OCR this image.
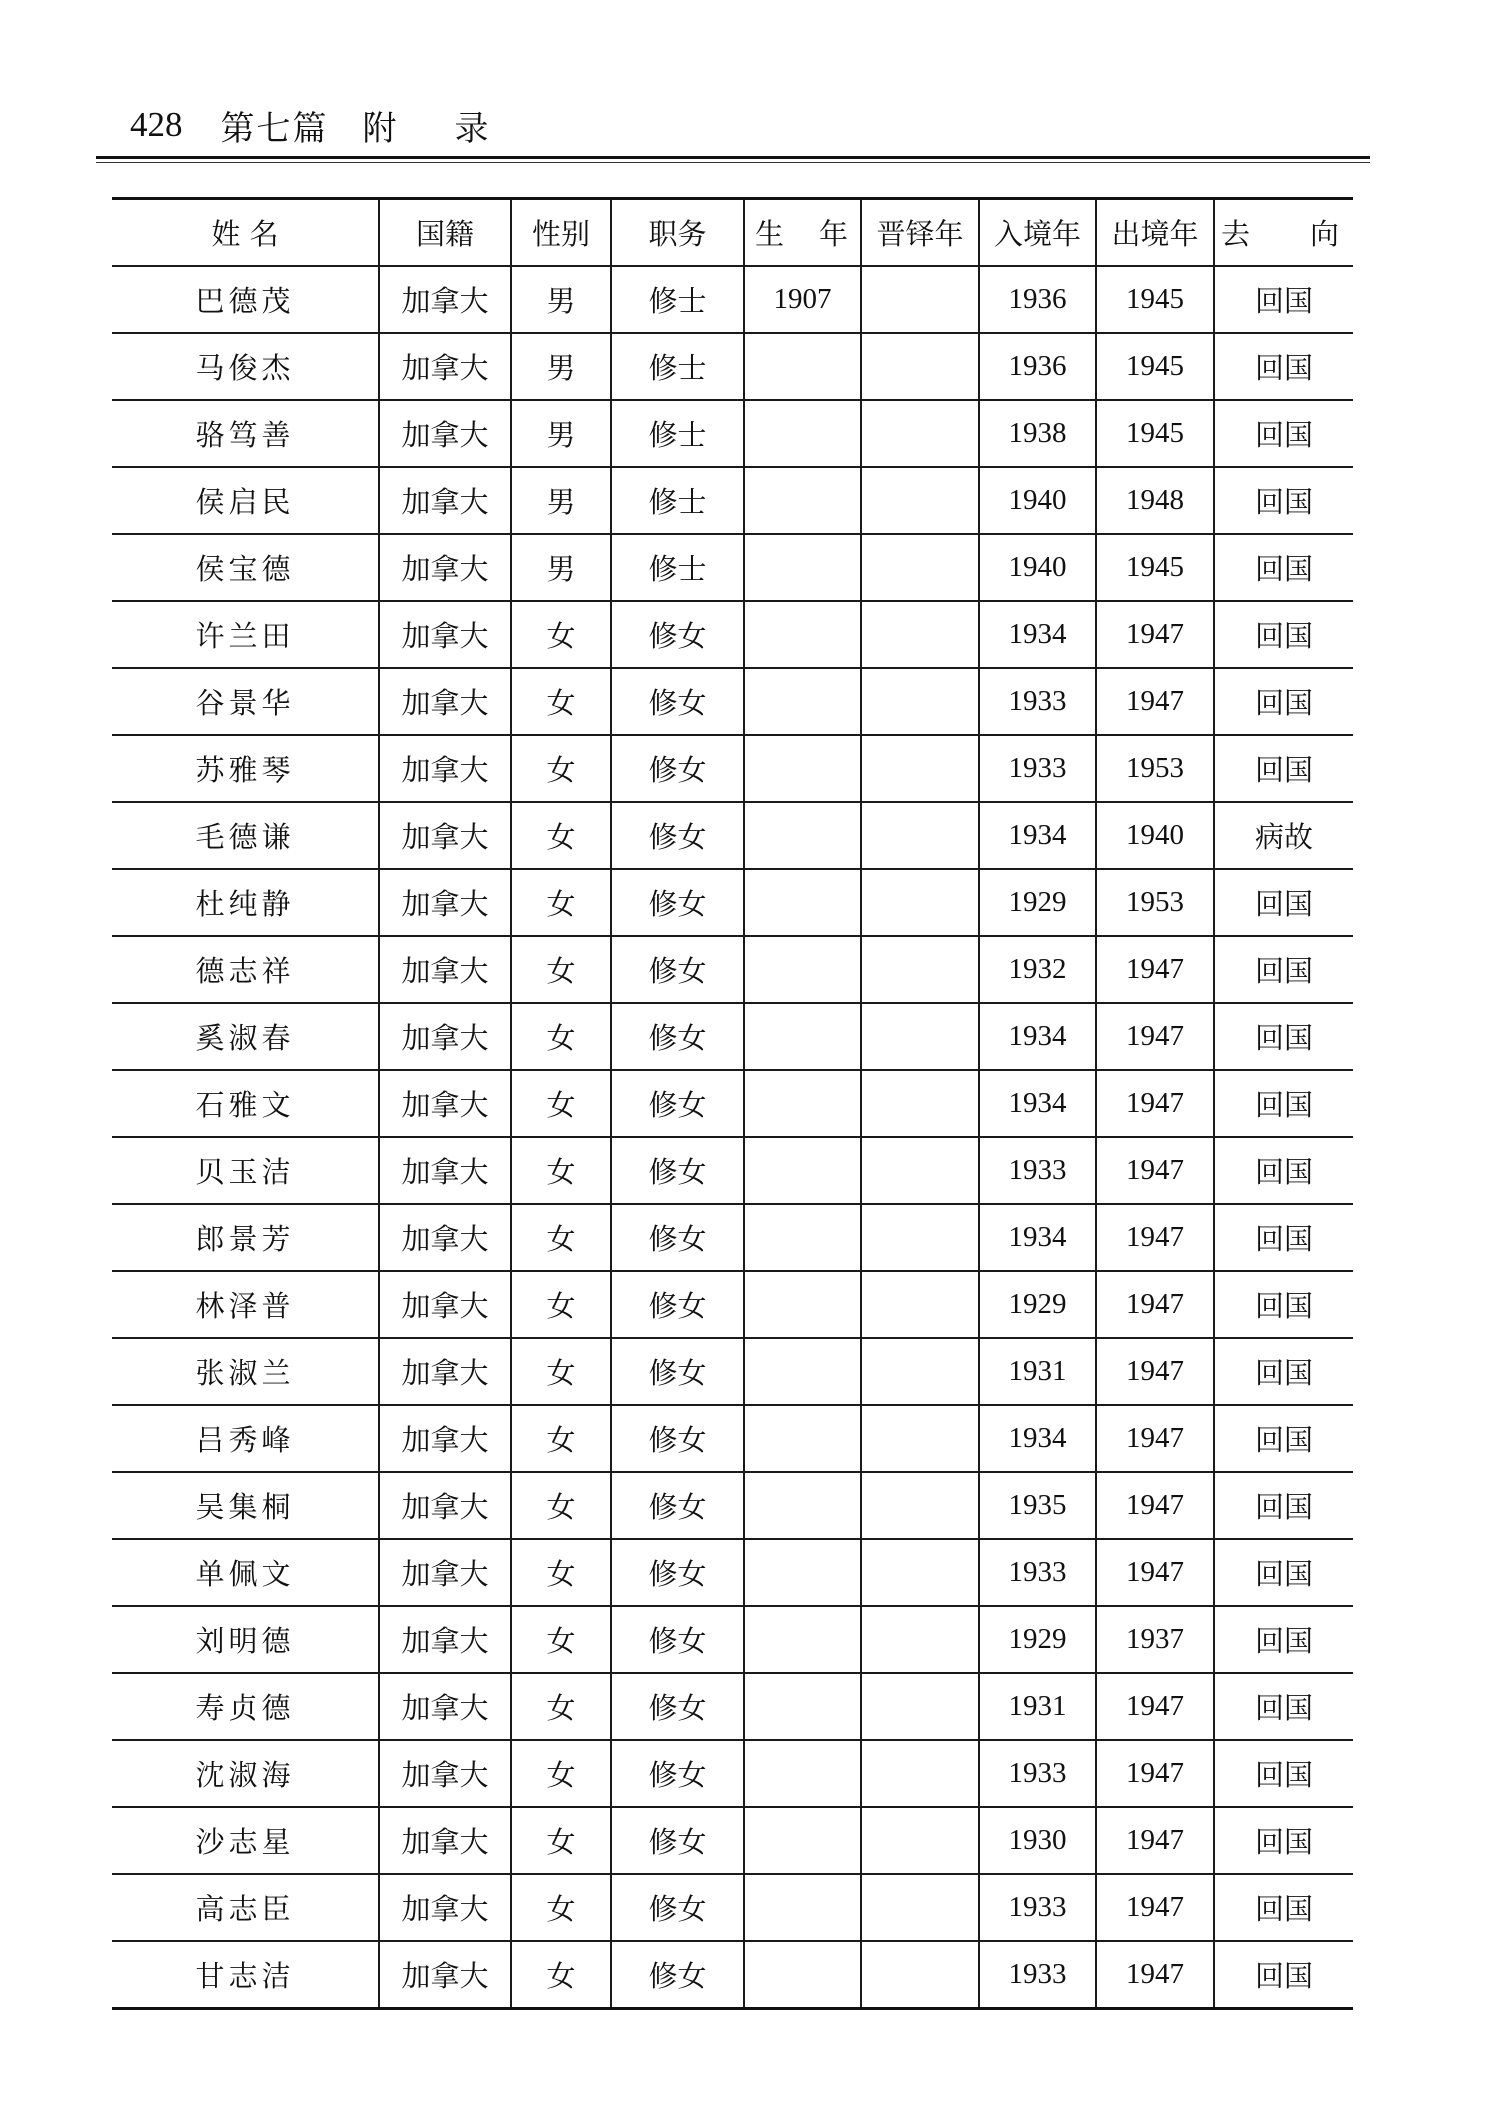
428 第七篇 附录
姓 名	国籍	性别	职务	生 年	晋铎年	入境年	出境年	去 向

巴德茂	加拿大	男	修士	1907		1936	1945	回国
马俊杰	加拿大	男	修士			1936	1945	回国
骆笃善	加拿大	男	修士			1938	1945	回国
侯启民	加拿大	男	修士			1940	1948	回国
侯宝德	加拿大	男	修士			1940	1945	回国
许兰田	加拿大	女	修女			1934	1947	回国
谷景华	加拿大	女	修女			1933	1947	回国
苏雅琴	加拿大	女	修女			1933	1953	回国
毛德谦	加拿大	女	修女			1934	1940	病故
杜纯静	加拿大	女	修女			1929	1953	回国
德志祥	加拿大	女	修女			1932	1947	回国
奚淑春	加拿大	女	修女			1934	1947	回国
石雅文	加拿大	女	修女			1934	1947	回国
贝玉洁	加拿大	女	修女			1933	1947	回国
郎景芳	加拿大	女	修女			1934	1947	回国
林泽普	加拿大	女	修女			1929	1947	回国
张淑兰	加拿大	女	修女			1931	1947	回国
吕秀峰	加拿大	女	修女			1934	1947	回国
吴集桐	加拿大	女	修女			1935	1947	回国
单佩文	加拿大	女	修女			1933	1947	回国
刘明德	加拿大	女	修女			1929	1937	回国
寿贞德	加拿大	女	修女			1931	1947	回国
沈淑海	加拿大	女	修女			1933	1947	回国
沙志星	加拿大	女	修女			1930	1947	回国
高志臣	加拿大	女	修女			1933	1947	回国
甘志洁	加拿大	女	修女			1933	1947	回国
